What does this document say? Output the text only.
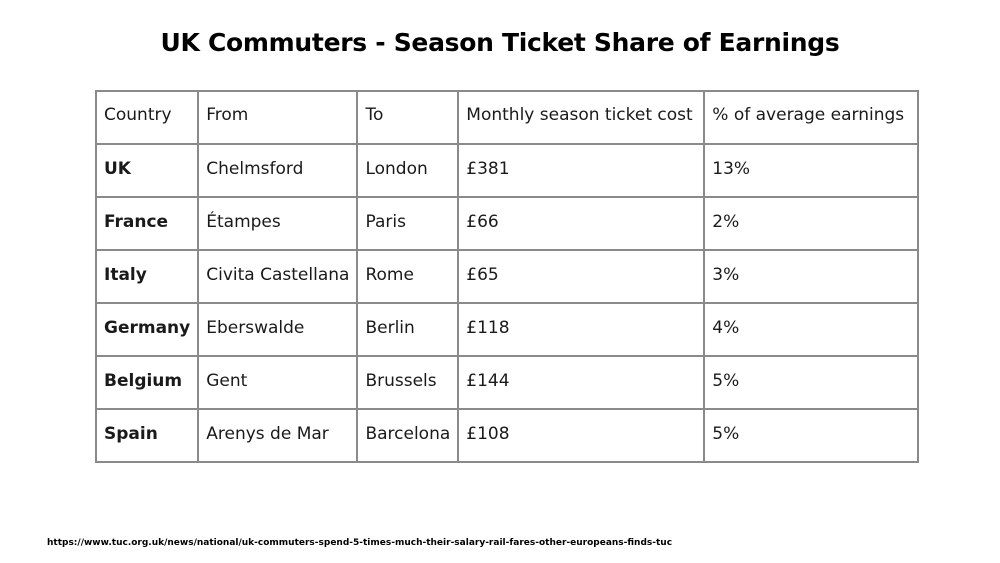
UK Commuters - Season Ticket Share of Earnings
Country	From	To	Monthly season ticket cost	% of average earnings
UK	Chelmsford	London	£381	13%
France	Étampes	Paris	£66	2%
Italy	Civita Castellana	Rome	£65	3%
Germany	Eberswalde	Berlin	£118	4%
Belgium	Gent	Brussels	£144	5%
Spain	Arenys de Mar	Barcelona	£108	5%
https://www.tuc.org.uk/news/national/uk-commuters-spend-5-times-much-their-salary-rail-fares-other-europeans-finds-tuc
